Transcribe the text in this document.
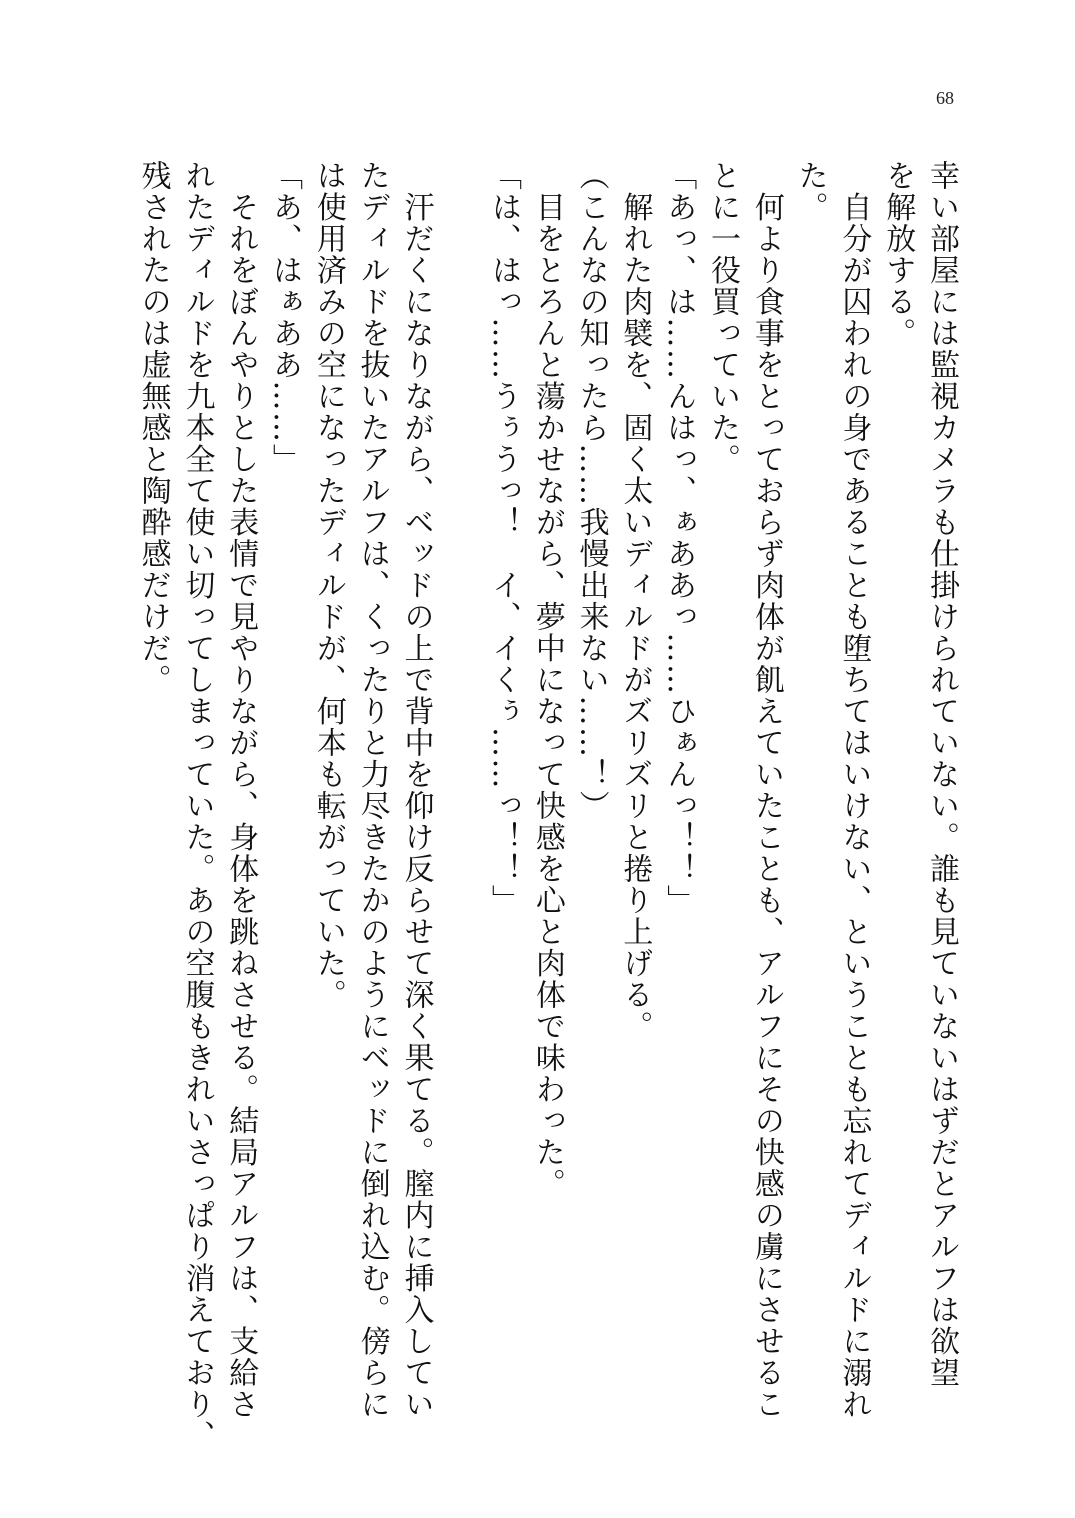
68
幸い部屋には監視カメラも仕掛けられていない。誰も見ていないはずだとアルフは欲望
を解放する。
　自分が囚われの身であることも堕ちてはいけない、ということも忘れてディルドに溺れ
た。
　何より食事をとっておらず肉体が飢えていたことも、アルフにその快感の虜にさせるこ
とに一役買っていた。
「あっ、は……んはっ、ぁああっ……ひぁんっ！！」
　解れた肉襞を、固く太いディルドがズリズリと捲り上げる。
（こんなの知ったら……我慢出来ない……！）
　目をとろんと蕩かせながら、夢中になって快感を心と肉体で味わった。
「は、はっ……うぅうっ！　イ、イくぅ……っ！！」
　汗だくになりながら、ベッドの上で背中を仰け反らせて深く果てる。膣内に挿入してい
たディルドを抜いたアルフは、くったりと力尽きたかのようにベッドに倒れ込む。傍らに
は使用済みの空になったディルドが、何本も転がっていた。
「あ、はぁああ……」
　それをぼんやりとした表情で見やりながら、身体を跳ねさせる。結局アルフは、支給さ
れたディルドを九本全て使い切ってしまっていた。あの空腹もきれいさっぱり消えており、
残されたのは虚無感と陶酔感だけだ。
